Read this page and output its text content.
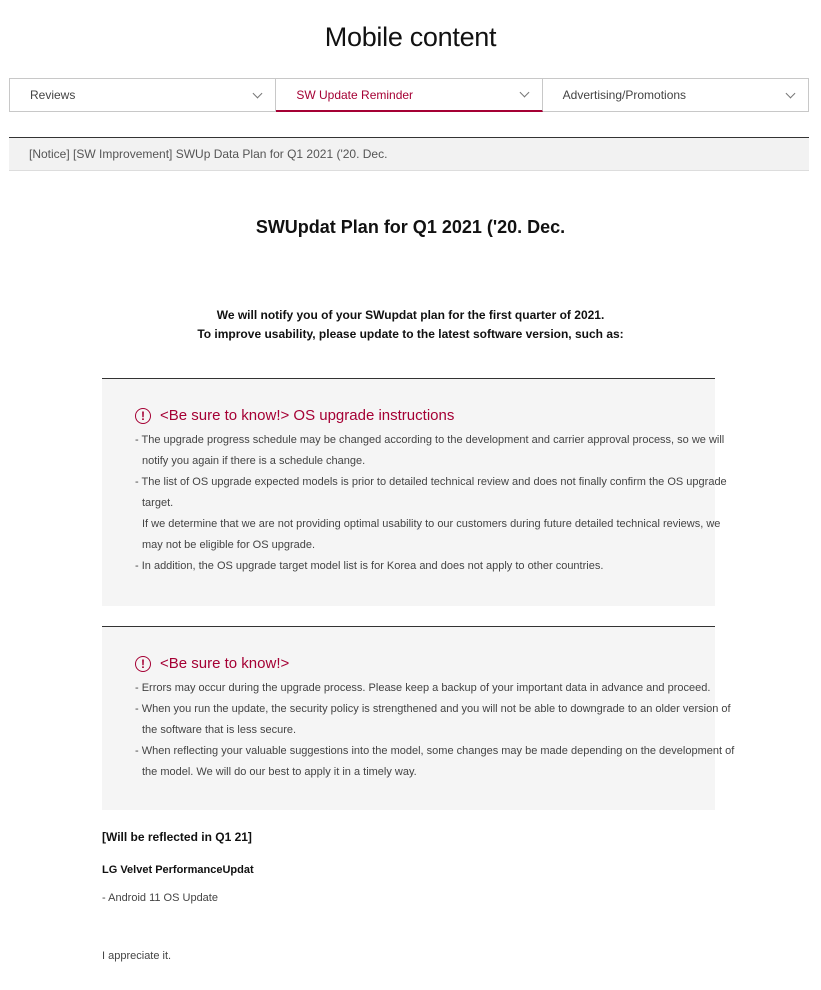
Mobile content
Reviews	SW Update Reminder	Advertising/Promotions
[Notice] [SW Improvement] SWUp Data Plan for Q1 2021 ('20. Dec.
SWUpdat Plan for Q1 2021 ('20. Dec.
We will notify you of your SWupdat plan for the first quarter of 2021.
To improve usability, please update to the latest software version, such as:
!	<Be sure to know!> OS upgrade instructions
- The upgrade progress schedule may be changed according to the development and carrier approval process, so we will
notify you again if there is a schedule change.
- The list of OS upgrade expected models is prior to detailed technical review and does not finally confirm the OS upgrade
target.
If we determine that we are not providing optimal usability to our customers during future detailed technical reviews, we
may not be eligible for OS upgrade.
- In addition, the OS upgrade target model list is for Korea and does not apply to other countries.
!	<Be sure to know!>
- Errors may occur during the upgrade process. Please keep a backup of your important data in advance and proceed.
- When you run the update, the security policy is strengthened and you will not be able to downgrade to an older version of
the software that is less secure.
- When reflecting your valuable suggestions into the model, some changes may be made depending on the development of
the model. We will do our best to apply it in a timely way.
[Will be reflected in Q1 21]
LG Velvet PerformanceUpdat
- Android 11 OS Update
I appreciate it.
